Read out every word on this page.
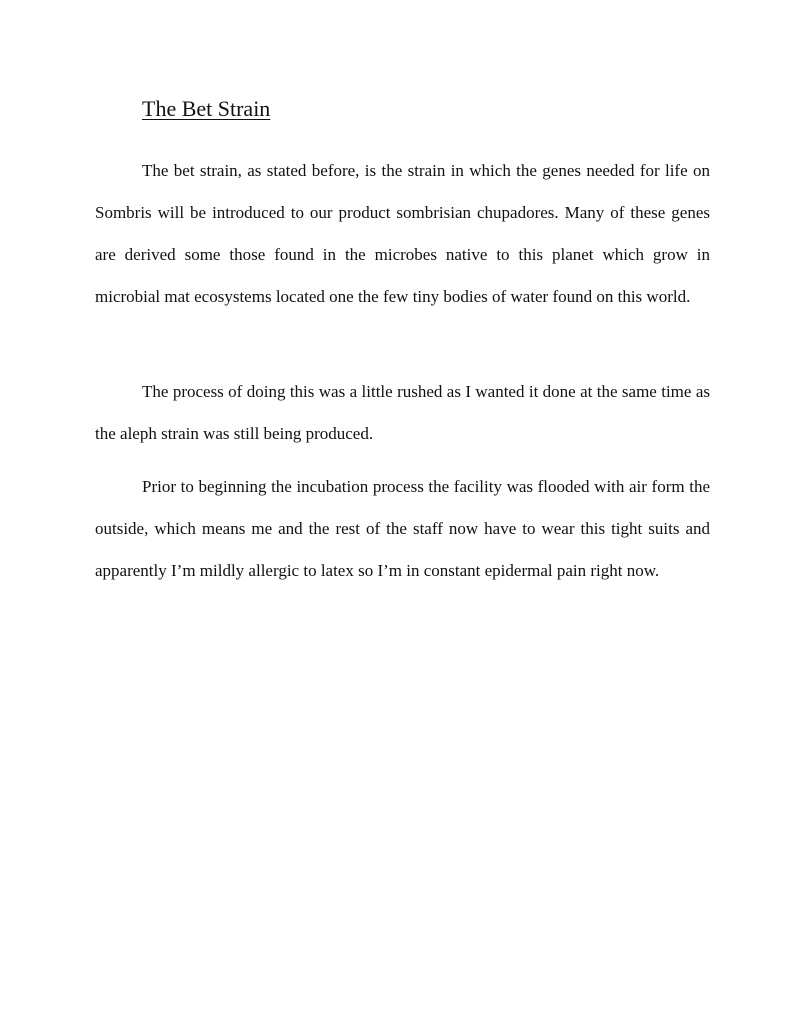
The Bet Strain

The bet strain, as stated before, is the strain in which the genes needed for life on Sombris will be introduced to our product sombrisian chupadores. Many of these genes are derived some those found in the microbes native to this planet which grow in microbial mat ecosystems located one the few tiny bodies of water found on this world.

The process of doing this was a little rushed as I wanted it done at the same time as the aleph strain was still being produced.

Prior to beginning the incubation process the facility was flooded with air form the outside, which means me and the rest of the staff now have to wear this tight suits and apparently I’m mildly allergic to latex so I’m in constant epidermal pain right now.
